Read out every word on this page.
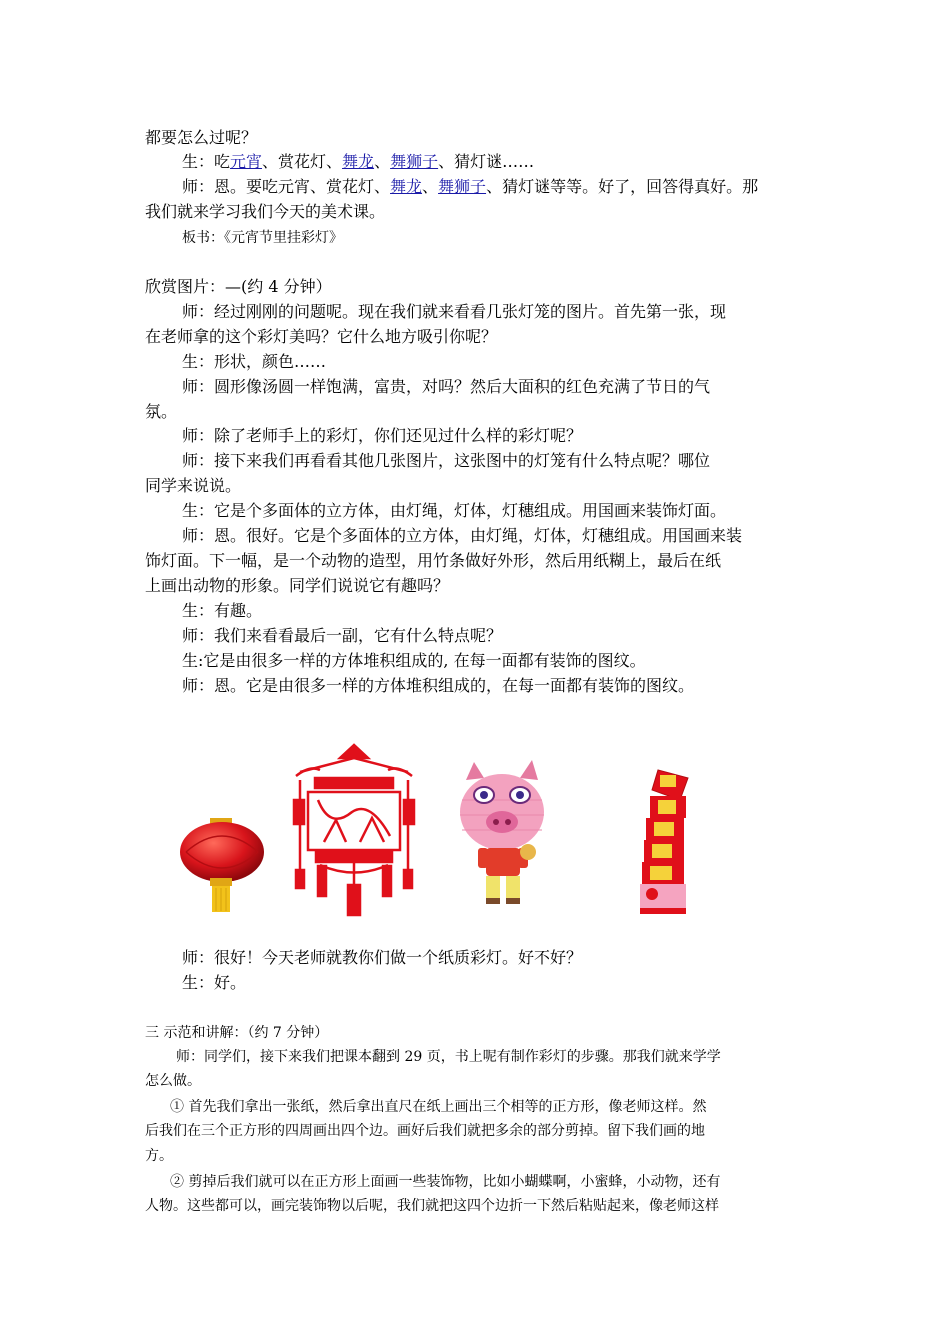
都要怎么过呢？
生：吃元宵、赏花灯、舞龙、舞狮子、猜灯谜……
师：恩。要吃元宵、赏花灯、舞龙、舞狮子、猜灯谜等等。好了，回答得真好。那
我们就来学习我们今天的美术课。
板书：《元宵节里挂彩灯》
欣赏图片：—(约 4 分钟）
师：经过刚刚的问题呢。现在我们就来看看几张灯笼的图片。首先第一张，现
在老师拿的这个彩灯美吗？它什么地方吸引你呢？
生：形状，颜色……
师：圆形像汤圆一样饱满，富贵，对吗？然后大面积的红色充满了节日的气
氛。
师：除了老师手上的彩灯，你们还见过什么样的彩灯呢？
师：接下来我们再看看其他几张图片，这张图中的灯笼有什么特点呢？哪位
同学来说说。
生：它是个多面体的立方体，由灯绳，灯体，灯穗组成。用国画来装饰灯面。
师：恩。很好。它是个多面体的立方体，由灯绳，灯体，灯穗组成。用国画来装
饰灯面。下一幅，是一个动物的造型，用竹条做好外形，然后用纸糊上，最后在纸
上画出动物的形象。同学们说说它有趣吗？
生：有趣。
师：我们来看看最后一副，它有什么特点呢？
生:它是由很多一样的方体堆积组成的, 在每一面都有装饰的图纹。
师：恩。它是由很多一样的方体堆积组成的，在每一面都有装饰的图纹。
师：很好！今天老师就教你们做一个纸质彩灯。好不好？
生：好。
三 示范和讲解：（约 7 分钟）
师：同学们，接下来我们把课本翻到 29 页，书上呢有制作彩灯的步骤。那我们就来学学
怎么做。
① 首先我们拿出一张纸，然后拿出直尺在纸上画出三个相等的正方形，像老师这样。然
后我们在三个正方形的四周画出四个边。画好后我们就把多余的部分剪掉。留下我们画的地
方。
② 剪掉后我们就可以在正方形上面画一些装饰物，比如小蝴蝶啊，小蜜蜂，小动物，还有
人物。这些都可以，画完装饰物以后呢，我们就把这四个边折一下然后粘贴起来，像老师这样
